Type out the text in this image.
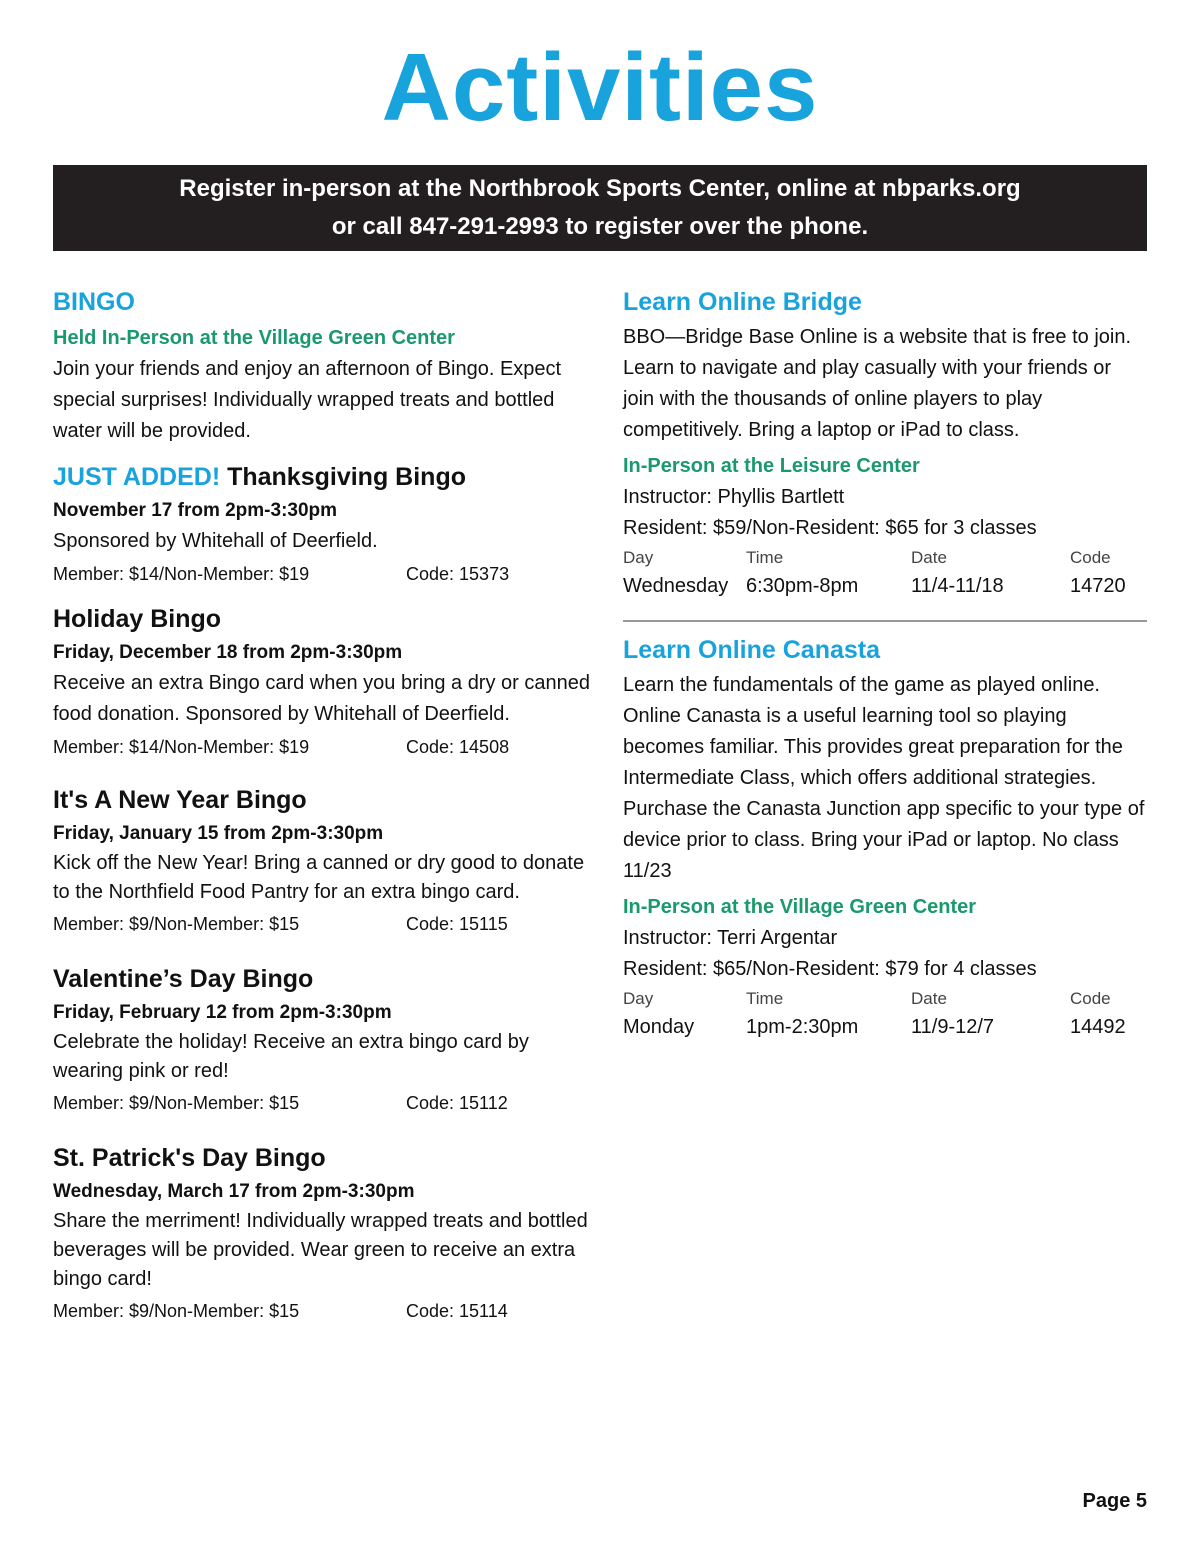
Activities
Register in-person at the Northbrook Sports Center, online at nbparks.org
or call 847-291-2993 to register over the phone.
BINGO
Held In-Person at the Village Green Center
Join your friends and enjoy an afternoon of Bingo. Expect special surprises! Individually wrapped treats and bottled water will be provided.
JUST ADDED! Thanksgiving Bingo
November 17 from 2pm-3:30pm
Sponsored by Whitehall of Deerfield.
Member: $14/Non-Member: $19	Code: 15373
Holiday Bingo
Friday, December 18 from 2pm-3:30pm
Receive an extra Bingo card when you bring a dry or canned food donation. Sponsored by Whitehall of Deerfield.
Member: $14/Non-Member: $19	Code: 14508
It's A New Year Bingo
Friday, January 15 from 2pm-3:30pm
Kick off the New Year! Bring a canned or dry good to donate to the Northfield Food Pantry for an extra bingo card.
Member: $9/Non-Member: $15	Code: 15115
Valentine’s Day Bingo
Friday, February 12 from 2pm-3:30pm
Celebrate the holiday! Receive an extra bingo card by wearing pink or red!
Member: $9/Non-Member: $15	Code: 15112
St. Patrick's Day Bingo
Wednesday, March 17 from 2pm-3:30pm
Share the merriment! Individually wrapped treats and bottled beverages will be provided. Wear green to receive an extra bingo card!
Member: $9/Non-Member: $15	Code: 15114
Learn Online Bridge
BBO—Bridge Base Online is a website that is free to join. Learn to navigate and play casually with your friends or join with the thousands of online players to play competitively. Bring a laptop or iPad to class.
In-Person at the Leisure Center
Instructor: Phyllis Bartlett
Resident: $59/Non-Resident: $65 for 3 classes
Day	Time	Date	Code
Wednesday	6:30pm-8pm	11/4-11/18	14720
Learn Online Canasta
Learn the fundamentals of the game as played online. Online Canasta is a useful learning tool so playing becomes familiar. This provides great preparation for the Intermediate Class, which offers additional strategies. Purchase the Canasta Junction app specific to your type of device prior to class. Bring your iPad or laptop. No class 11/23
In-Person at the Village Green Center
Instructor: Terri Argentar
Resident: $65/Non-Resident: $79 for 4 classes
Day	Time	Date	Code
Monday	1pm-2:30pm	11/9-12/7	14492
Page 5
